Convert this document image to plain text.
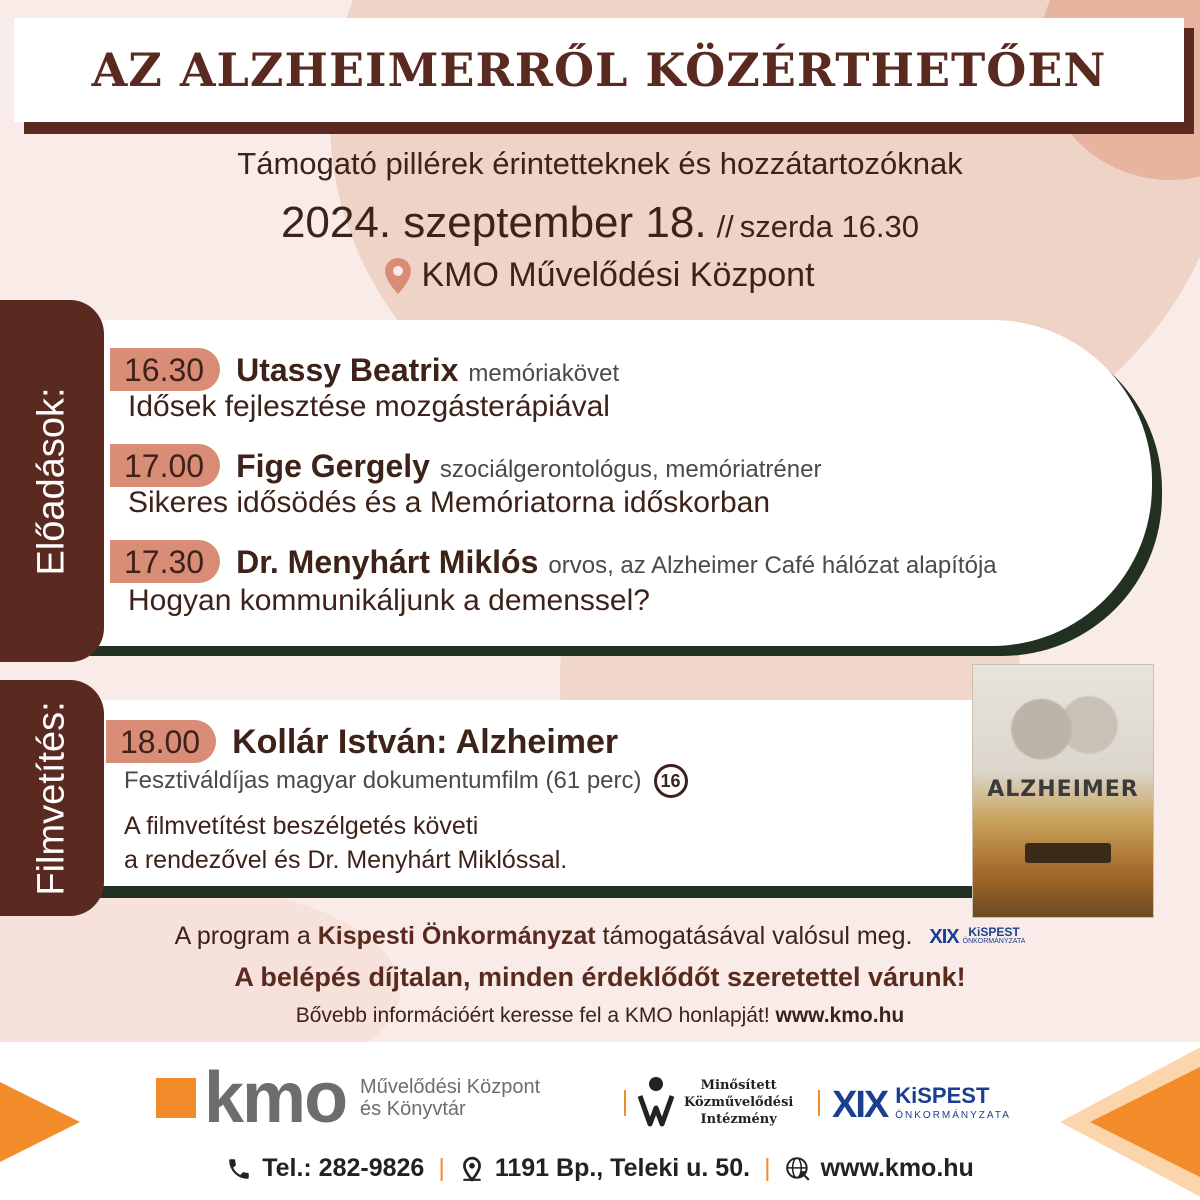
AZ ALZHEIMERRŐL KÖZÉRTHETŐEN
Támogató pillérek érintetteknek és hozzátartozóknak
2024. szeptember 18. // szerda 16.30
KMO Művelődési Központ
Előadások:
16.30	Utassy Beatrix memóriakövet
Idősek fejlesztése mozgásterápiával
17.00	Fige Gergely szociálgerontológus, memóriatréner
Sikeres idősödés és a Memóriatorna időskorban
17.30	Dr. Menyhárt Miklós orvos, az Alzheimer Café hálózat alapítója
Hogyan kommunikáljunk a demenssel?
Filmvetítés:	18.00 Kollár István: Alzheimer
Fesztiváldíjas magyar dokumentumfilm (61 perc)	16
A filmvetítést beszélgetés követi
a rendezővel és Dr. Menyhárt Miklóssal.
ALZHEIMER
A program a Kispesti Önkormányzat támogatásával valósul meg. XIX KiSPEST
ÖNKORMÁNYZATA
A belépés díjtalan, minden érdeklődőt szeretettel várunk!
Bővebb információért keresse fel a KMO honlapját! www.kmo.hu
kmo Művelődési Központ
és Könyvtár
Minősített
Közművelődési
Intézmény	XIX KiSPEST
ÖNKORMÁNYZATA
Tel.: 282-9826 | 1191 Bp., Teleki u. 50. | www.kmo.hu
